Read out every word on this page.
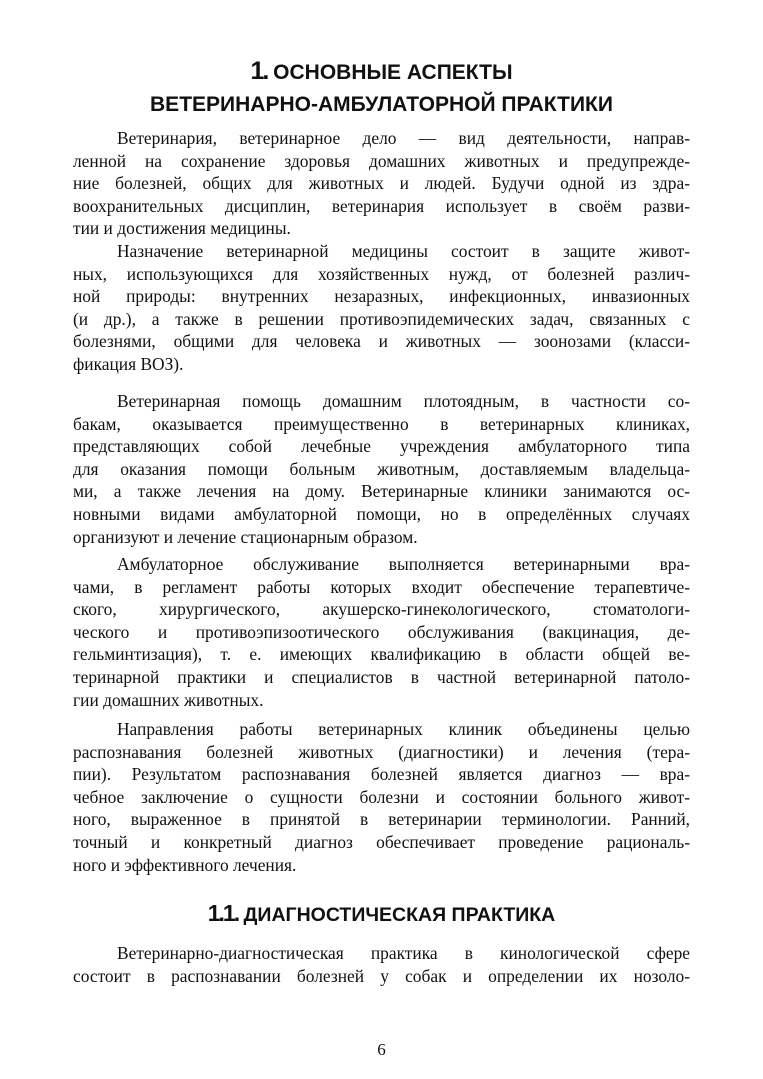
1. ОСНОВНЫЕ АСПЕКТЫ
ВЕТЕРИНАРНО-АМБУЛАТОРНОЙ ПРАКТИКИ
Ветеринария, ветеринарное дело — вид деятельности, направ-
ленной на сохранение здоровья домашних животных и предупрежде-
ние болезней, общих для животных и людей. Будучи одной из здра-
воохранительных дисциплин, ветеринария использует в своём разви-
тии и достижения медицины.
Назначение ветеринарной медицины состоит в защите живот-
ных, использующихся для хозяйственных нужд, от болезней различ-
ной природы: внутренних незаразных, инфекционных, инвазионных
(и др.), а также в решении противоэпидемических задач, связанных с
болезнями, общими для человека и животных — зоонозами (класси-
фикация ВОЗ).
Ветеринарная помощь домашним плотоядным, в частности со-
бакам, оказывается преимущественно в ветеринарных клиниках,
представляющих собой лечебные учреждения амбулаторного типа
для оказания помощи больным животным, доставляемым владельца-
ми, а также лечения на дому. Ветеринарные клиники занимаются ос-
новными видами амбулаторной помощи, но в определённых случаях
организуют и лечение стационарным образом.
Амбулаторное обслуживание выполняется ветеринарными вра-
чами, в регламент работы которых входит обеспечение терапевтиче-
ского, хирургического, акушерско-гинекологического, стоматологи-
ческого и противоэпизоотического обслуживания (вакцинация, де-
гельминтизация), т. е. имеющих квалификацию в области общей ве-
теринарной практики и специалистов в частной ветеринарной патоло-
гии домашних животных.
Направления работы ветеринарных клиник объединены целью
распознавания болезней животных (диагностики) и лечения (тера-
пии). Результатом распознавания болезней является диагноз — вра-
чебное заключение о сущности болезни и состоянии больного живот-
ного, выраженное в принятой в ветеринарии терминологии. Ранний,
точный и конкретный диагноз обеспечивает проведение рациональ-
ного и эффективного лечения.
1.1. ДИАГНОСТИЧЕСКАЯ ПРАКТИКА
Ветеринарно-диагностическая практика в кинологической сфере
состоит в распознавании болезней у собак и определении их нозоло-
6
